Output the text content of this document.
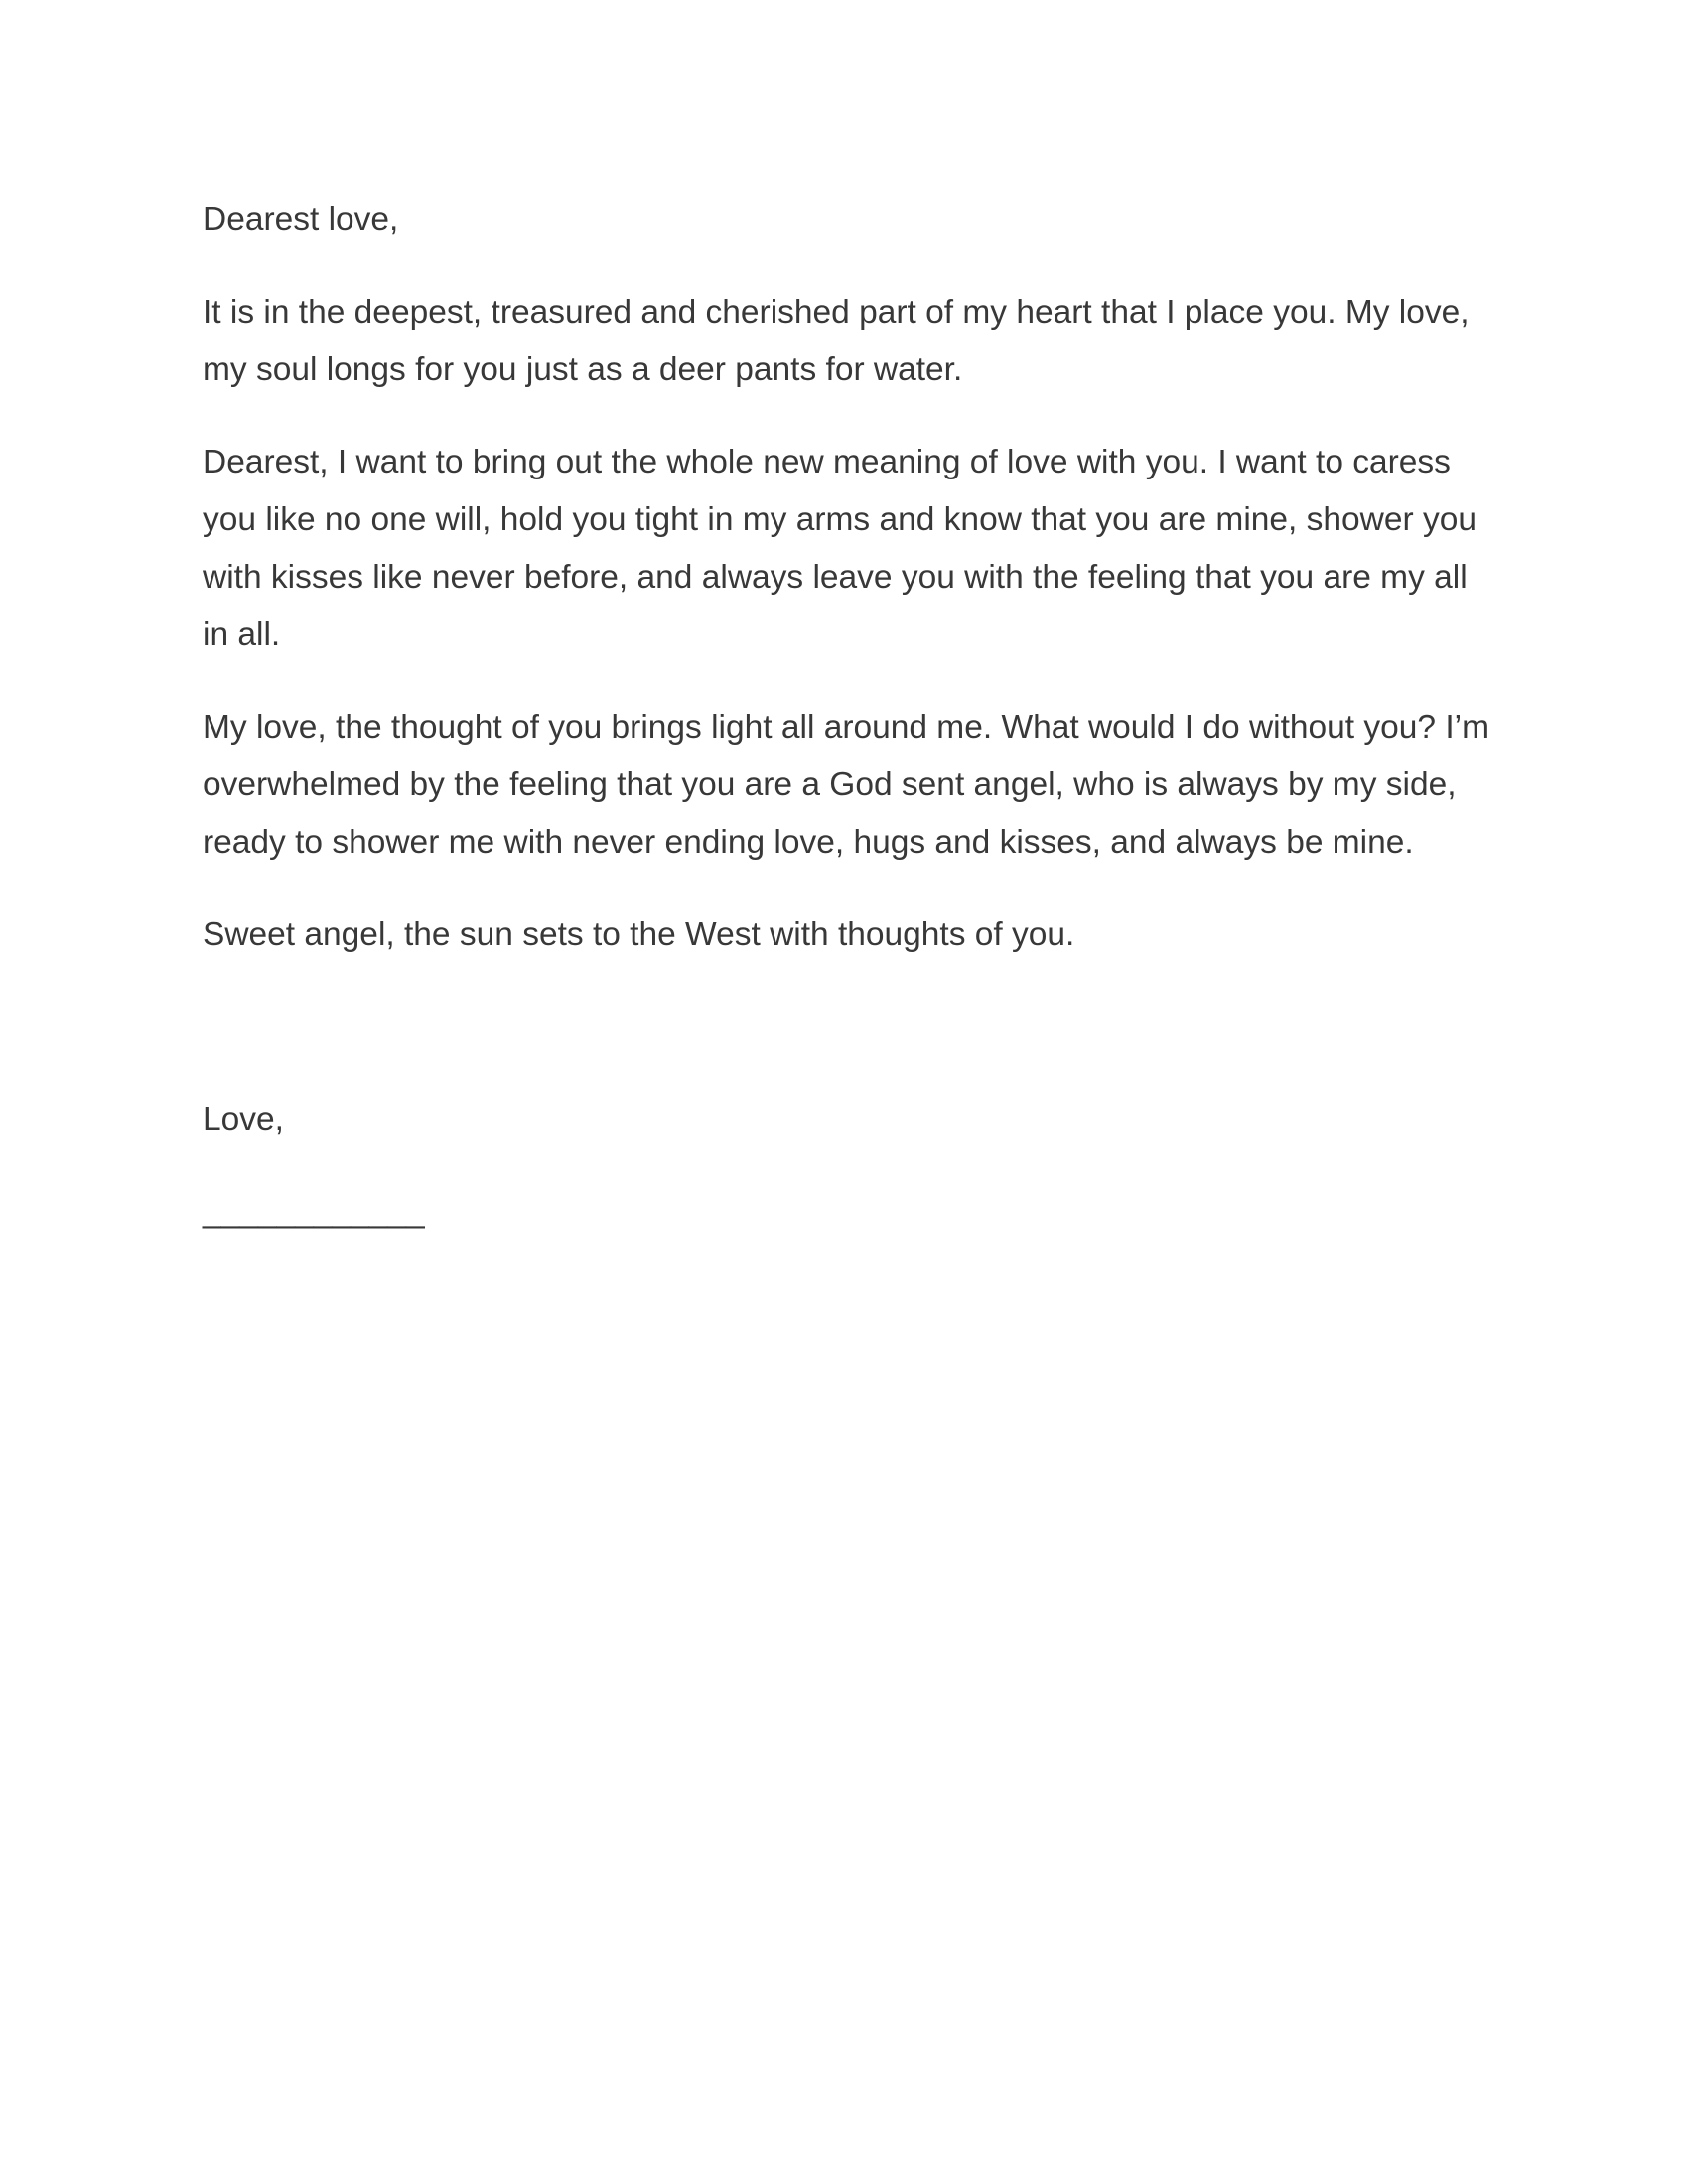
Dearest love,

It is in the deepest, treasured and cherished part of my heart that I place you. My love, my soul longs for you just as a deer pants for water.

Dearest, I want to bring out the whole new meaning of love with you. I want to caress you like no one will, hold you tight in my arms and know that you are mine, shower you with kisses like never before, and always leave you with the feeling that you are my all in all.

My love, the thought of you brings light all around me. What would I do without you? I’m overwhelmed by the feeling that you are a God sent angel, who is always by my side, ready to shower me with never ending love, hugs and kisses, and always be mine.

Sweet angel, the sun sets to the West with thoughts of you.

Love,

____________
